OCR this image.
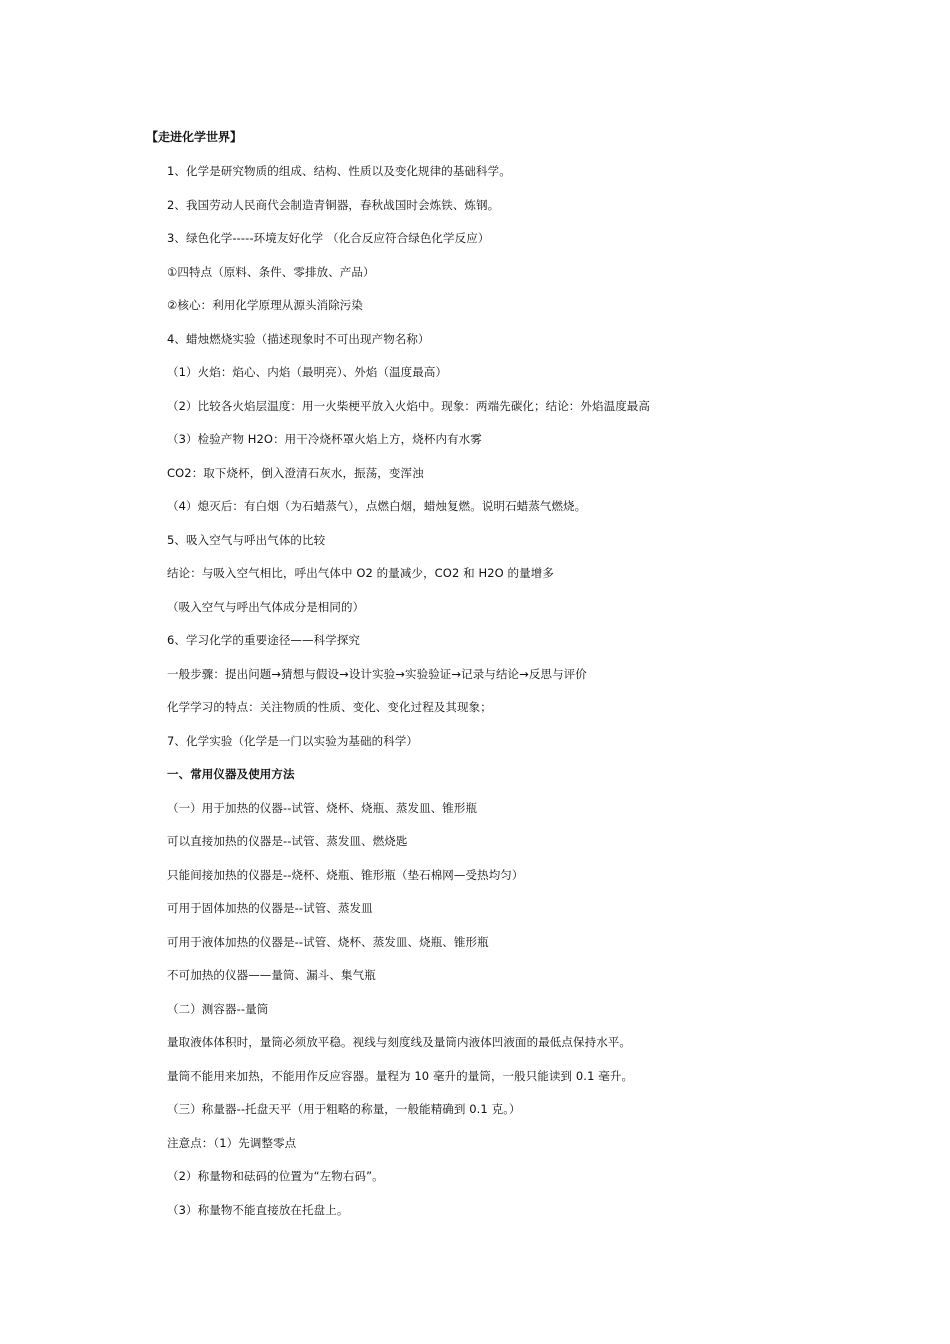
【走进化学世界】
1、化学是研究物质的组成、结构、性质以及变化规律的基础科学。
2、我国劳动人民商代会制造青铜器，春秋战国时会炼铁、炼钢。
3、绿色化学-----环境友好化学 （化合反应符合绿色化学反应）
①四特点（原料、条件、零排放、产品）
②核心：利用化学原理从源头消除污染
4、蜡烛燃烧实验（描述现象时不可出现产物名称）
（1）火焰：焰心、内焰（最明亮）、外焰（温度最高）
（2）比较各火焰层温度：用一火柴梗平放入火焰中。现象：两端先碳化；结论：外焰温度最高
（3）检验产物 H2O：用干冷烧杯罩火焰上方，烧杯内有水雾
CO2：取下烧杯，倒入澄清石灰水，振荡，变浑浊
（4）熄灭后：有白烟（为石蜡蒸气），点燃白烟，蜡烛复燃。说明石蜡蒸气燃烧。
5、吸入空气与呼出气体的比较
结论：与吸入空气相比，呼出气体中 O2 的量减少，CO2 和 H2O 的量增多
（吸入空气与呼出气体成分是相同的）
6、学习化学的重要途径——科学探究
一般步骤：提出问题→猜想与假设→设计实验→实验验证→记录与结论→反思与评价
化学学习的特点：关注物质的性质、变化、变化过程及其现象；
7、化学实验（化学是一门以实验为基础的科学）
一、常用仪器及使用方法
（一）用于加热的仪器--试管、烧杯、烧瓶、蒸发皿、锥形瓶
可以直接加热的仪器是--试管、蒸发皿、燃烧匙
只能间接加热的仪器是--烧杯、烧瓶、锥形瓶（垫石棉网—受热均匀）
可用于固体加热的仪器是--试管、蒸发皿
可用于液体加热的仪器是--试管、烧杯、蒸发皿、烧瓶、锥形瓶
不可加热的仪器——量筒、漏斗、集气瓶
（二）测容器--量筒
量取液体体积时，量筒必须放平稳。视线与刻度线及量筒内液体凹液面的最低点保持水平。
量筒不能用来加热，不能用作反应容器。量程为 10 毫升的量筒，一般只能读到 0.1 毫升。
（三）称量器--托盘天平（用于粗略的称量，一般能精确到 0.1 克。）
注意点：（1）先调整零点
（2）称量物和砝码的位置为“左物右码”。
（3）称量物不能直接放在托盘上。
